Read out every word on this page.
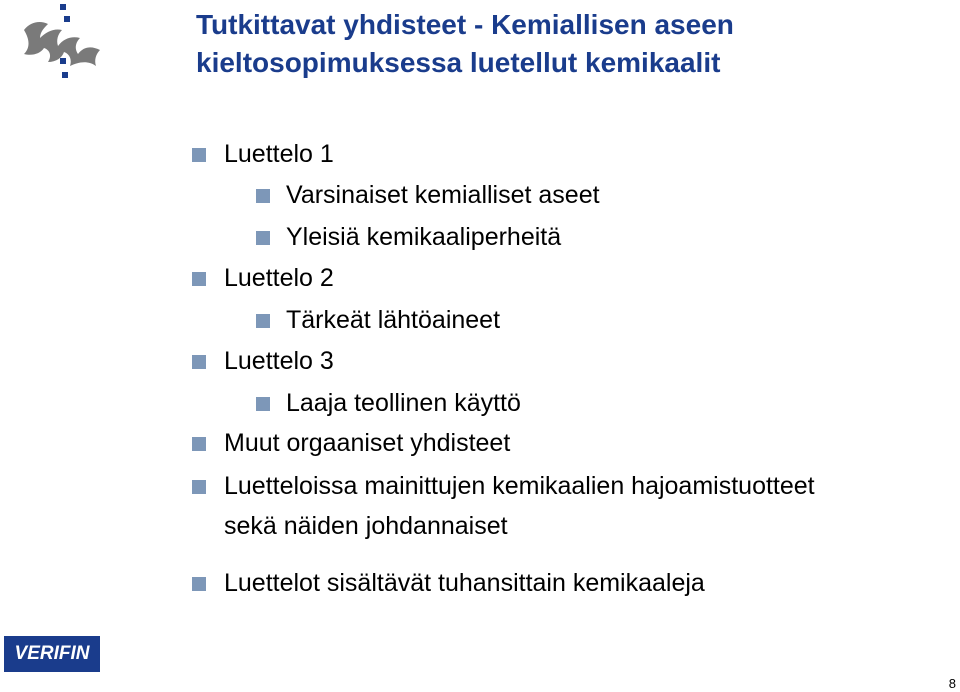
Tutkittavat yhdisteet - Kemiallisen aseen
kieltosopimuksessa luetellut kemikaalit
Luettelo 1
Varsinaiset kemialliset aseet
Yleisiä kemikaaliperheitä
Luettelo 2
Tärkeät lähtöaineet
Luettelo 3
Laaja teollinen käyttö
Muut orgaaniset yhdisteet
Luetteloissa mainittujen kemikaalien hajoamistuotteet
sekä näiden johdannaiset
Luettelot sisältävät tuhansittain kemikaaleja
VERIFIN
8
